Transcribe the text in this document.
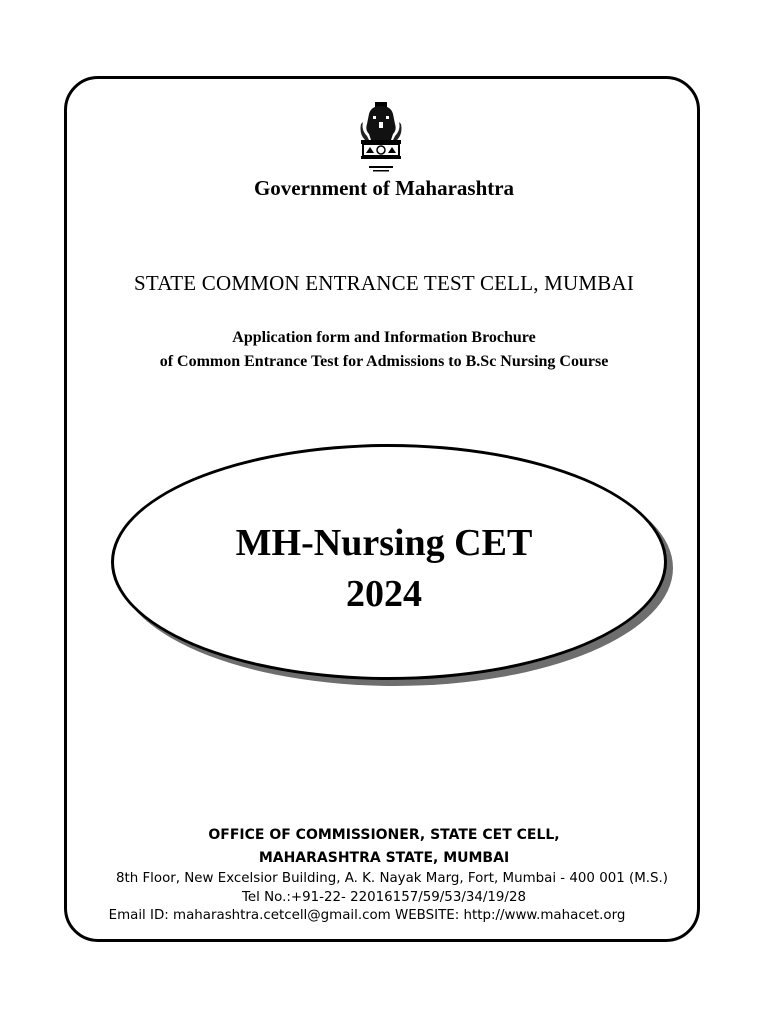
Government of Maharashtra
STATE COMMON ENTRANCE TEST CELL, MUMBAI
Application form and Information Brochure
of Common Entrance Test for Admissions to B.Sc Nursing Course
MH-Nursing CET
2024
OFFICE OF COMMISSIONER, STATE CET CELL,
MAHARASHTRA STATE, MUMBAI
8th Floor, New Excelsior Building, A. K. Nayak Marg, Fort, Mumbai - 400 001 (M.S.)
Tel No.:+91-22- 22016157/59/53/34/19/28
Email ID: maharashtra.cetcell@gmail.com WEBSITE: http://www.mahacet.org
